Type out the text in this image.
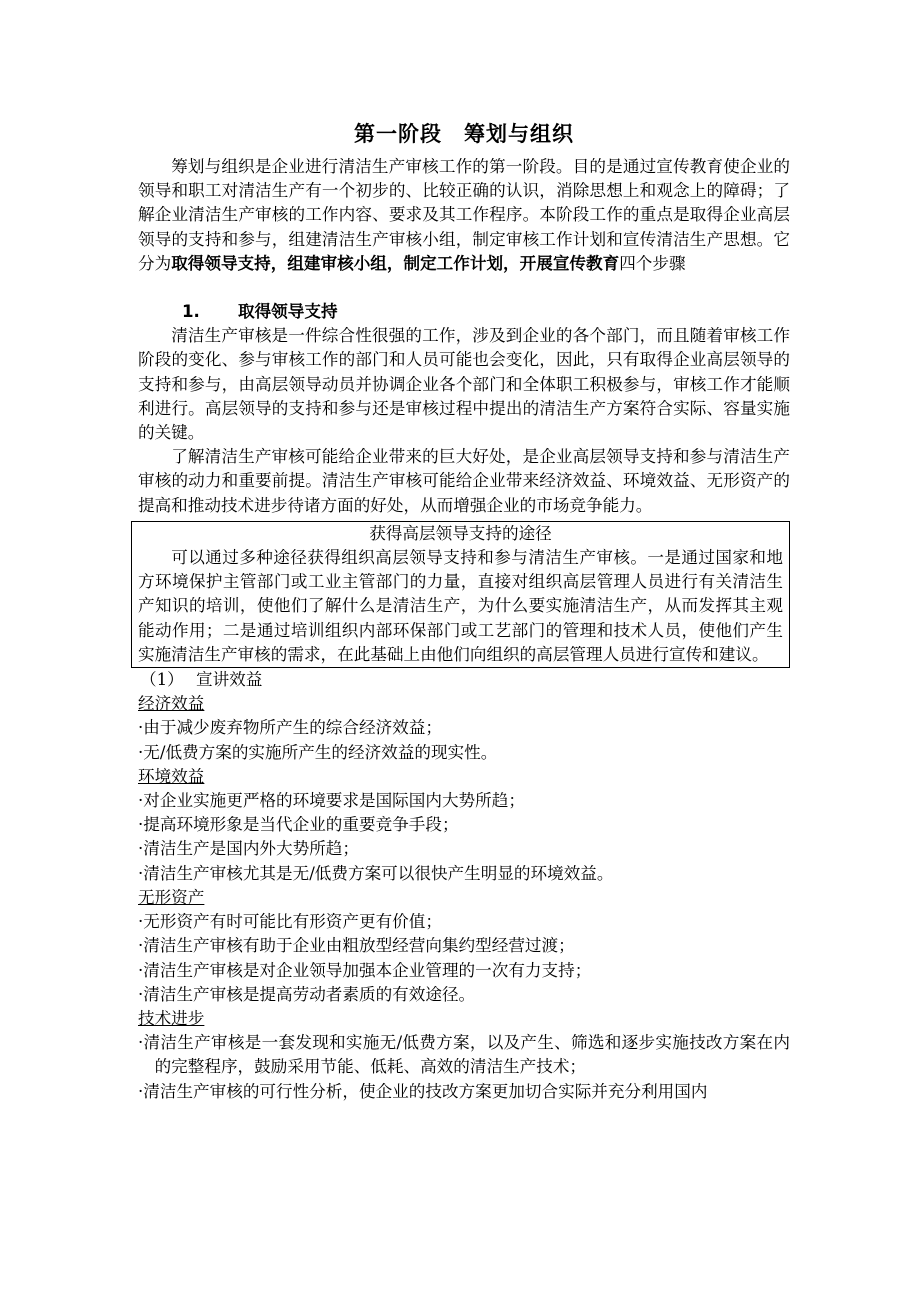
第一阶段　筹划与组织

筹划与组织是企业进行清洁生产审核工作的第一阶段。目的是通过宣传教育使企业的领导和职工对清洁生产有一个初步的、比较正确的认识，消除思想上和观念上的障碍；了解企业清洁生产审核的工作内容、要求及其工作程序。本阶段工作的重点是取得企业高层领导的支持和参与，组建清洁生产审核小组，制定审核工作计划和宣传清洁生产思想。它分为取得领导支持，组建审核小组，制定工作计划，开展宣传教育四个步骤

1. 取得领导支持

清洁生产审核是一件综合性很强的工作，涉及到企业的各个部门，而且随着审核工作阶段的变化、参与审核工作的部门和人员可能也会变化，因此，只有取得企业高层领导的支持和参与，由高层领导动员并协调企业各个部门和全体职工积极参与，审核工作才能顺利进行。高层领导的支持和参与还是审核过程中提出的清洁生产方案符合实际、容量实施的关键。

了解清洁生产审核可能给企业带来的巨大好处，是企业高层领导支持和参与清洁生产审核的动力和重要前提。清洁生产审核可能给企业带来经济效益、环境效益、无形资产的提高和推动技术进步待诸方面的好处，从而增强企业的市场竞争能力。

获得高层领导支持的途径

可以通过多种途径获得组织高层领导支持和参与清洁生产审核。一是通过国家和地方环境保护主管部门或工业主管部门的力量，直接对组织高层管理人员进行有关清洁生产知识的培训，使他们了解什么是清洁生产，为什么要实施清洁生产，从而发挥其主观能动作用；二是通过培训组织内部环保部门或工艺部门的管理和技术人员，使他们产生实施清洁生产审核的需求，在此基础上由他们向组织的高层管理人员进行宣传和建议。

（1） 宣讲效益
经济效益
·由于减少废弃物所产生的综合经济效益；
·无/低费方案的实施所产生的经济效益的现实性。
环境效益
·对企业实施更严格的环境要求是国际国内大势所趋；
·提高环境形象是当代企业的重要竞争手段；
·清洁生产是国内外大势所趋；
·清洁生产审核尤其是无/低费方案可以很快产生明显的环境效益。
无形资产
·无形资产有时可能比有形资产更有价值；
·清洁生产审核有助于企业由粗放型经营向集约型经营过渡；
·清洁生产审核是对企业领导加强本企业管理的一次有力支持；
·清洁生产审核是提高劳动者素质的有效途径。
技术进步
·清洁生产审核是一套发现和实施无/低费方案，以及产生、筛选和逐步实施技改方案在内的完整程序，鼓励采用节能、低耗、高效的清洁生产技术；
·清洁生产审核的可行性分析，使企业的技改方案更加切合实际并充分利用国内
